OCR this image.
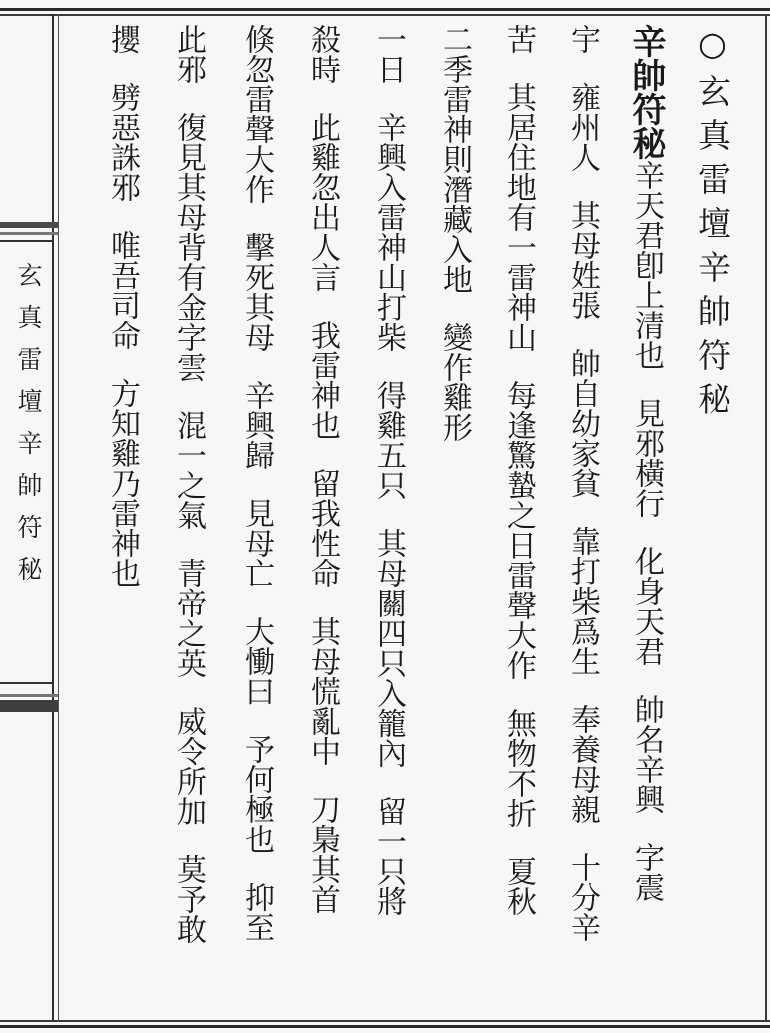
玄真雷壇辛帥符秘
○玄真雷壇辛帥符秘
辛帥符秘辛天君卽上清也見邪橫行化身天君帥名辛興字震
宇雍州人其母姓張帥自幼家貧靠打柴爲生奉養母親十分辛
苦其居住地有一雷神山每逢驚蟄之日雷聲大作無物不折夏秋
二季雷神則潛藏入地變作雞形
一日辛興入雷神山打柴得雞五只其母關四只入籠內留一只將
殺時此雞忽出人言我雷神也留我性命其母慌亂中刀梟其首
倏忽雷聲大作擊死其母辛興歸見母亡大慟曰予何極也抑至
此邪復見其母背有金字雲混一之氣青帝之英威令所加莫予敢
攖劈惡誅邪唯吾司命方知雞乃雷神也
